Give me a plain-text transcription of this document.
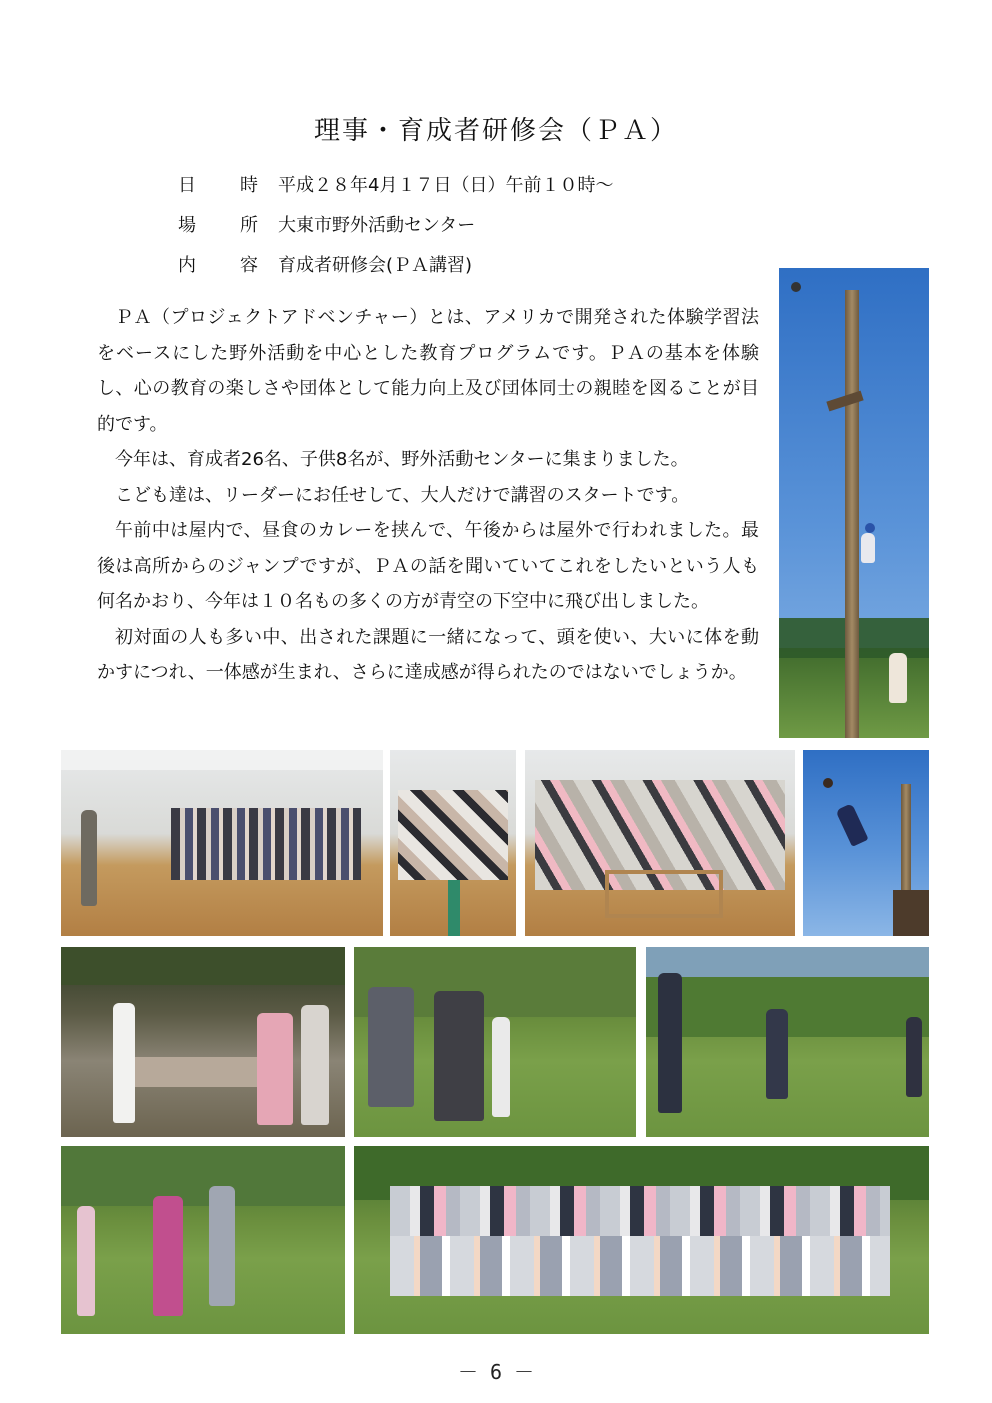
理事・育成者研修会（ＰＡ）
日 時 平成２８年4月１７日（日）午前１０時～
場 所 大東市野外活動センター
内 容 育成者研修会(ＰＡ講習)

ＰＡ（プロジェクトアドベンチャー）とは、アメリカで開発された体験学習法をベースにした野外活動を中心とした教育プログラムです。ＰＡの基本を体験し、心の教育の楽しさや団体として能力向上及び団体同士の親睦を図ることが目的です。

今年は、育成者26名、子供8名が、野外活動センターに集まりました。

こども達は、リーダーにお任せして、大人だけで講習のスタートです。

午前中は屋内で、昼食のカレーを挟んで、午後からは屋外で行われました。最後は高所からのジャンプですが、ＰＡの話を聞いていてこれをしたいという人も何名かおり、今年は１０名もの多くの方が青空の下空中に飛び出しました。

初対面の人も多い中、出された課題に一緒になって、頭を使い、大いに体を動かすにつれ、一体感が生まれ、さらに達成感が得られたのではないでしょうか。

－ 6 －
